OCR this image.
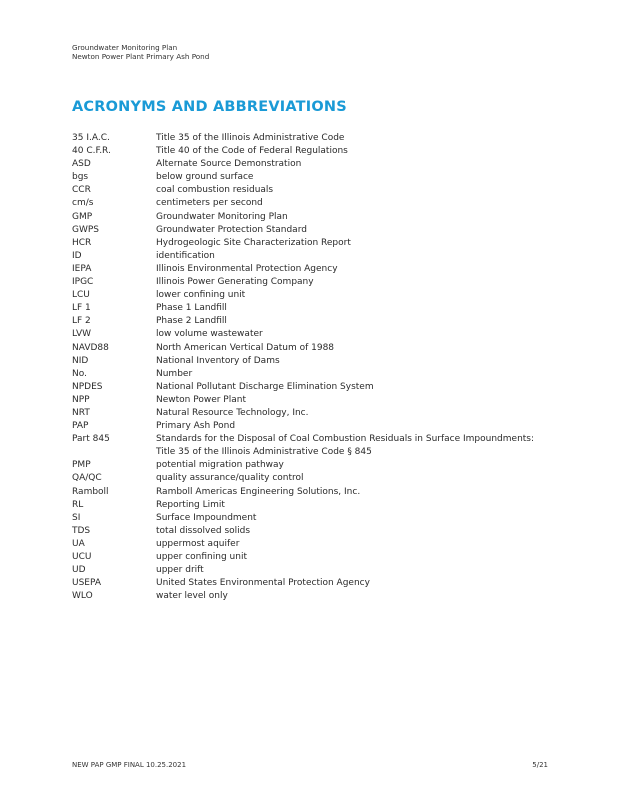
Groundwater Monitoring Plan
Newton Power Plant Primary Ash Pond
ACRONYMS AND ABBREVIATIONS
35 I.A.C.	Title 35 of the Illinois Administrative Code
40 C.F.R.	Title 40 of the Code of Federal Regulations
ASD	Alternate Source Demonstration
bgs	below ground surface
CCR	coal combustion residuals
cm/s	centimeters per second
GMP	Groundwater Monitoring Plan
GWPS	Groundwater Protection Standard
HCR	Hydrogeologic Site Characterization Report
ID	identification
IEPA	Illinois Environmental Protection Agency
IPGC	Illinois Power Generating Company
LCU	lower confining unit
LF 1	Phase 1 Landfill
LF 2	Phase 2 Landfill
LVW	low volume wastewater
NAVD88	North American Vertical Datum of 1988
NID	National Inventory of Dams
No.	Number
NPDES	National Pollutant Discharge Elimination System
NPP	Newton Power Plant
NRT	Natural Resource Technology, Inc.
PAP	Primary Ash Pond
Part 845	Standards for the Disposal of Coal Combustion Residuals in Surface Impoundments:
Title 35 of the Illinois Administrative Code § 845
PMP	potential migration pathway
QA/QC	quality assurance/quality control
Ramboll	Ramboll Americas Engineering Solutions, Inc.
RL	Reporting Limit
SI	Surface Impoundment
TDS	total dissolved solids
UA	uppermost aquifer
UCU	upper confining unit
UD	upper drift
USEPA	United States Environmental Protection Agency
WLO	water level only
NEW PAP GMP FINAL 10.25.2021	5/21
